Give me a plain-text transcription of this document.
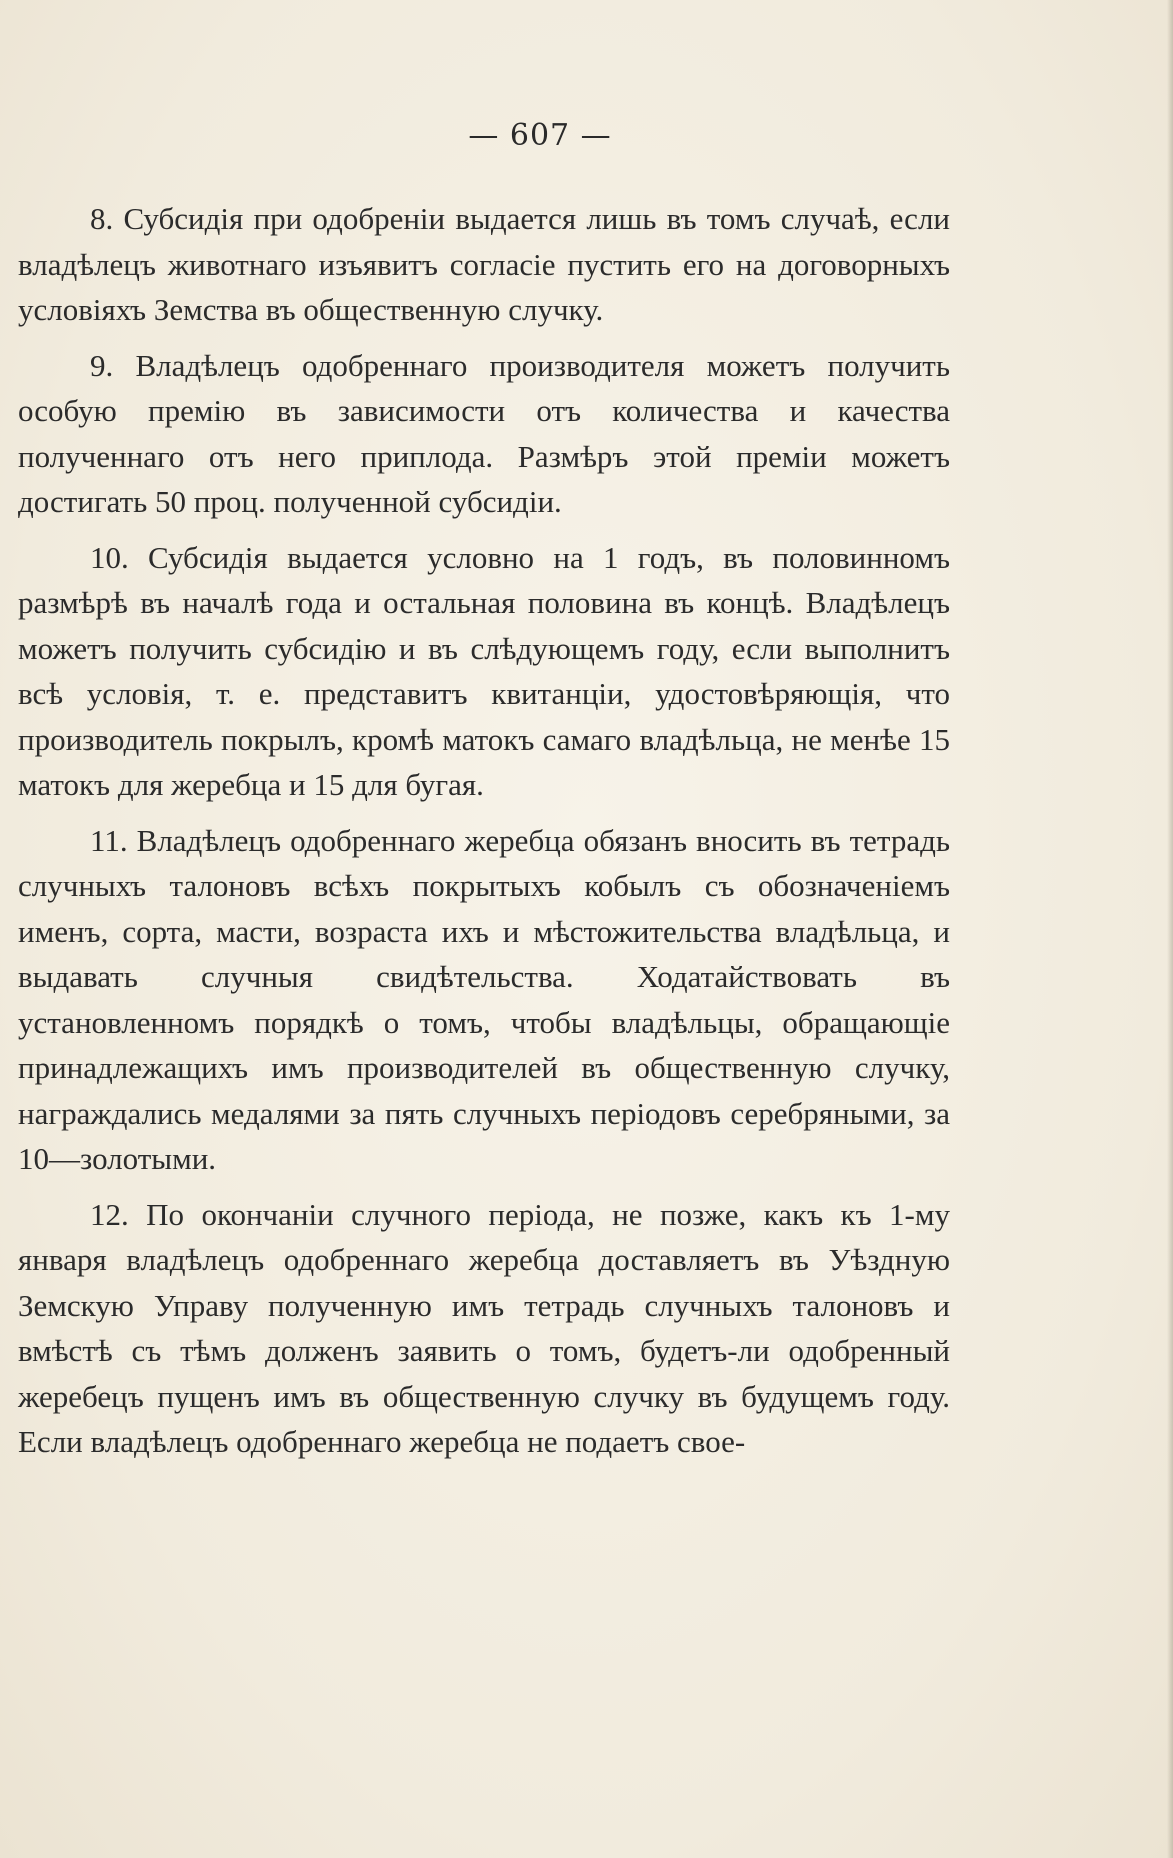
— 607 —

8. Субсидія при одобреніи выдается лишь въ томъ случаѣ, если владѣлецъ животнаго изъявитъ согласіе пустить его на договорныхъ условіяхъ Земства въ общественную случку.

9. Владѣлецъ одобреннаго производителя можетъ получить особую премію въ зависимости отъ количества и качества полученнаго отъ него приплода. Размѣръ этой преміи можетъ достигать 50 проц. полученной субсидіи.

10. Субсидія выдается условно на 1 годъ, въ половинномъ размѣрѣ въ началѣ года и остальная половина въ концѣ. Владѣлецъ можетъ получить субсидію и въ слѣдующемъ году, если выполнитъ всѣ условія, т. е. представитъ квитанціи, удостовѣряющія, что производитель покрылъ, кромѣ матокъ самаго владѣльца, не менѣе 15 матокъ для жеребца и 15 для бугая.

11. Владѣлецъ одобреннаго жеребца обязанъ вносить въ тетрадь случныхъ талоновъ всѣхъ покрытыхъ кобылъ съ обозначеніемъ именъ, сорта, масти, возраста ихъ и мѣстожительства владѣльца, и выдавать случныя свидѣтельства. Ходатайствовать въ установленномъ порядкѣ о томъ, чтобы владѣльцы, обращающіе принадлежащихъ имъ производителей въ общественную случку, награждались медалями за пять случныхъ періодовъ серебряными, за 10—золотыми.

12. По окончаніи случного періода, не позже, какъ къ 1-му января владѣлецъ одобреннаго жеребца доставляетъ въ Уѣздную Земскую Управу полученную имъ тетрадь случныхъ талоновъ и вмѣстѣ съ тѣмъ долженъ заявить о томъ, будетъ-ли одобренный жеребецъ пущенъ имъ въ общественную случку въ будущемъ году. Если владѣлецъ одобреннаго жеребца не подаетъ свое-
